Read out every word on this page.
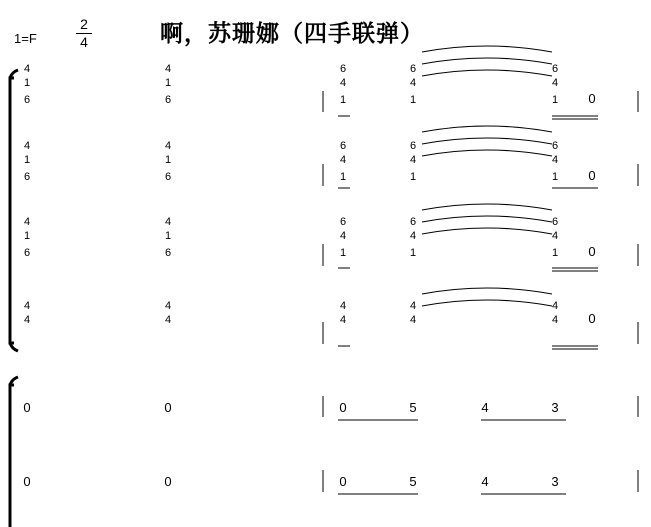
1=F
2
4	啊，苏珊娜（四手联弹）
4
1
6
4
1
6
6
4
1
6
4
1
6
4
1 0
4
1
6
4
1
6
6
4
1
6
4
1
6
4
1 0
4
1
6
4
1
6
6
4
1
6
4
1
6
4
1 0
4
4
4
4
4
4
4
4
4
4 0
0	0	0	5	4	3
0	0	0	5	4	3
